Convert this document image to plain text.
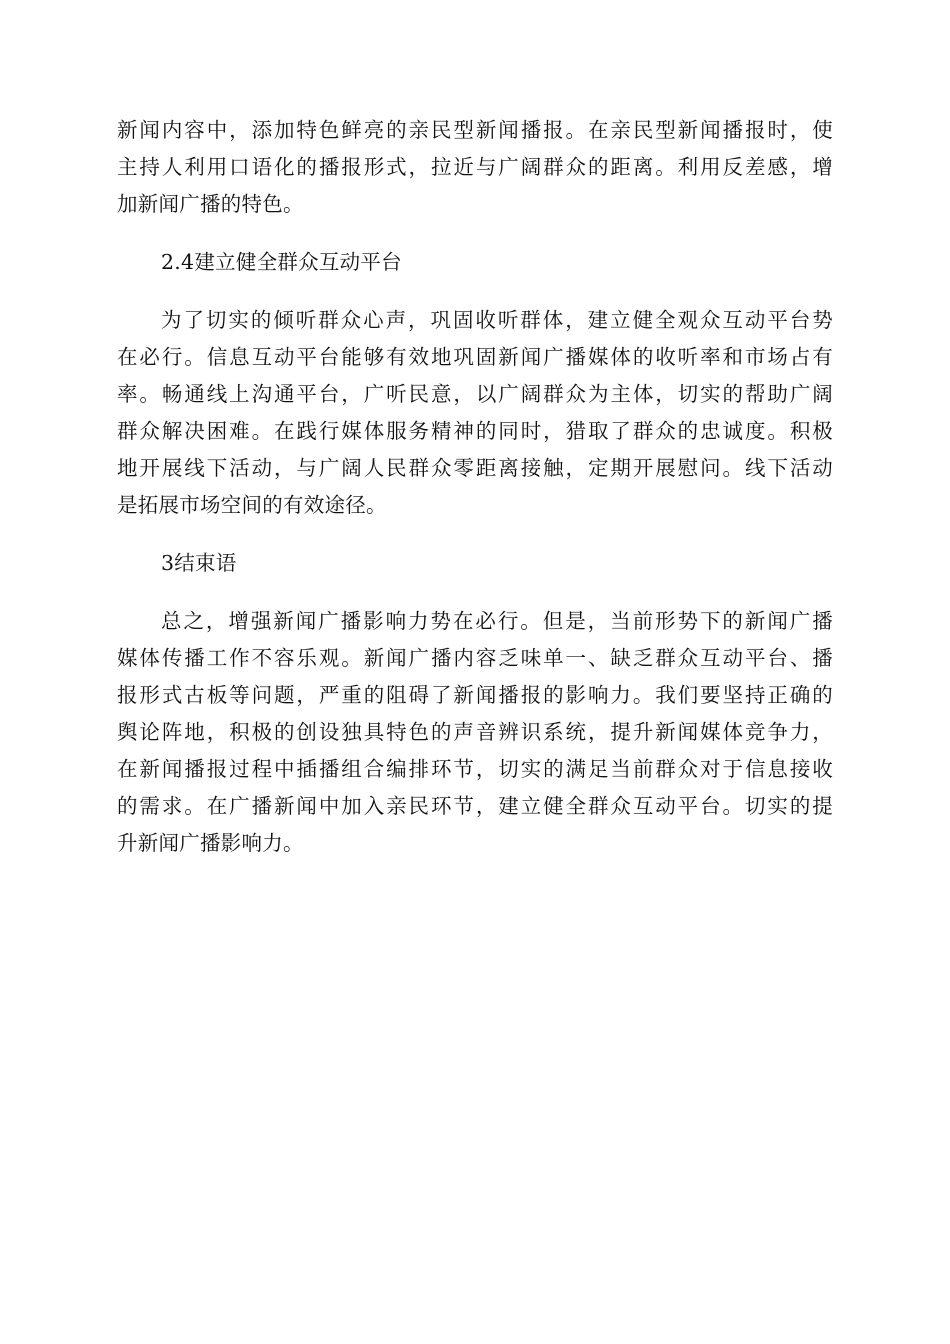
新闻内容中，添加特色鲜亮的亲民型新闻播报。在亲民型新闻播报时，使
主持人利用口语化的播报形式，拉近与广阔群众的距离。利用反差感，增
加新闻广播的特色。
2.4建立健全群众互动平台
为了切实的倾听群众心声，巩固收听群体，建立健全观众互动平台势
在必行。信息互动平台能够有效地巩固新闻广播媒体的收听率和市场占有
率。畅通线上沟通平台，广听民意，以广阔群众为主体，切实的帮助广阔
群众解决困难。在践行媒体服务精神的同时，猎取了群众的忠诚度。积极
地开展线下活动，与广阔人民群众零距离接触，定期开展慰问。线下活动
是拓展市场空间的有效途径。
3结束语
总之，增强新闻广播影响力势在必行。但是，当前形势下的新闻广播
媒体传播工作不容乐观。新闻广播内容乏味单一、缺乏群众互动平台、播
报形式古板等问题，严重的阻碍了新闻播报的影响力。我们要坚持正确的
舆论阵地，积极的创设独具特色的声音辨识系统，提升新闻媒体竞争力，
在新闻播报过程中插播组合编排环节，切实的满足当前群众对于信息接收
的需求。在广播新闻中加入亲民环节，建立健全群众互动平台。切实的提
升新闻广播影响力。
